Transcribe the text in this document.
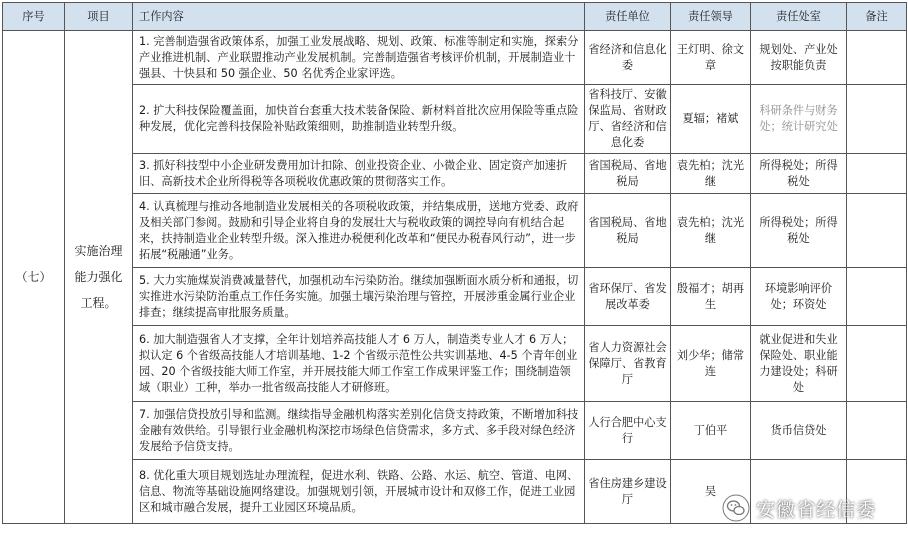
序号	项目	工作内容	责任单位	责任领导	责任处室	备注
（七）	实施治理能力强化工程。	1. 完善制造强省政策体系，加强工业发展战略、规划、政策、标准等制定和实施，探索分产业推进机制、产业联盟推动产业发展机制。完善制造强省考核评价机制，开展制造业十强县、十快县和 50 强企业、50 名优秀企业家评选。	省经济和信息化委	王灯明、徐文章	规划处、产业处按职能负责	
		2. 扩大科技保险覆盖面，加快首台套重大技术装备保险、新材料首批次应用保险等重点险种发展，优化完善科技保险补贴政策细则，助推制造业转型升级。	省科技厅、安徽保监局、省财政厅、省经济和信息化委	夏辐；褚斌	科研条件与财务处；统计研究处	
		3. 抓好科技型中小企业研发费用加计扣除、创业投资企业、小微企业、固定资产加速折旧、高新技术企业所得税等各项税收优惠政策的贯彻落实工作。	省国税局、省地税局	袁先柏；沈光继	所得税处；所得税处	
		4. 认真梳理与推动各地制造业发展相关的各项税收政策，并结集成册，送地方党委、政府及相关部门参阅。鼓励和引导企业将自身的发展壮大与税收政策的调控导向有机结合起来，扶持制造业企业转型升级。深入推进办税便利化改革和“便民办税春风行动”，进一步拓展“税融通”业务。	省国税局、省地税局	袁先柏；沈光继	所得税处；所得税处	
		5. 大力实施煤炭消费减量替代，加强机动车污染防治。继续加强断面水质分析和通报，切实推进水污染防治重点工作任务实施。加强土壤污染治理与管控，开展涉重金属行业企业排查；继续提高审批服务质量。	省环保厅、省发展改革委	殷福才；胡再生	环境影响评价处；环资处	
		6. 加大制造强省人才支撑，全年计划培养高技能人才 6 万人，制造类专业人才 6 万人；拟认定 6 个省级高技能人才培训基地、1-2 个省级示范性公共实训基地、4-5 个青年创业园、20 个省级技能大师工作室，并开展技能大师工作室工作成果评鉴工作；围绕制造领域（职业）工种，举办一批省级高技能人才研修班。	省人力资源社会保障厅、省教育厅	刘少华；储常连	就业促进和失业保险处、职业能力建设处；科研处	
		7. 加强信贷投放引导和监测。继续指导金融机构落实差别化信贷支持政策，不断增加科技金融有效供给。引导银行业金融机构深挖市场绿色信贷需求，多方式、多手段对绿色经济发展给予信贷支持。	人行合肥中心支行	丁伯平	货币信贷处	
		8. 优化重大项目规划选址办理流程，促进水利、铁路、公路、水运、航空、管道、电网、信息、物流等基础设施网络建设。加强规划引领，开展城市设计和双修工作，促进工业园区和城市融合发展，提升工业园区环境品质。	省住房建乡建设厅	吴		
安徽省经信委
